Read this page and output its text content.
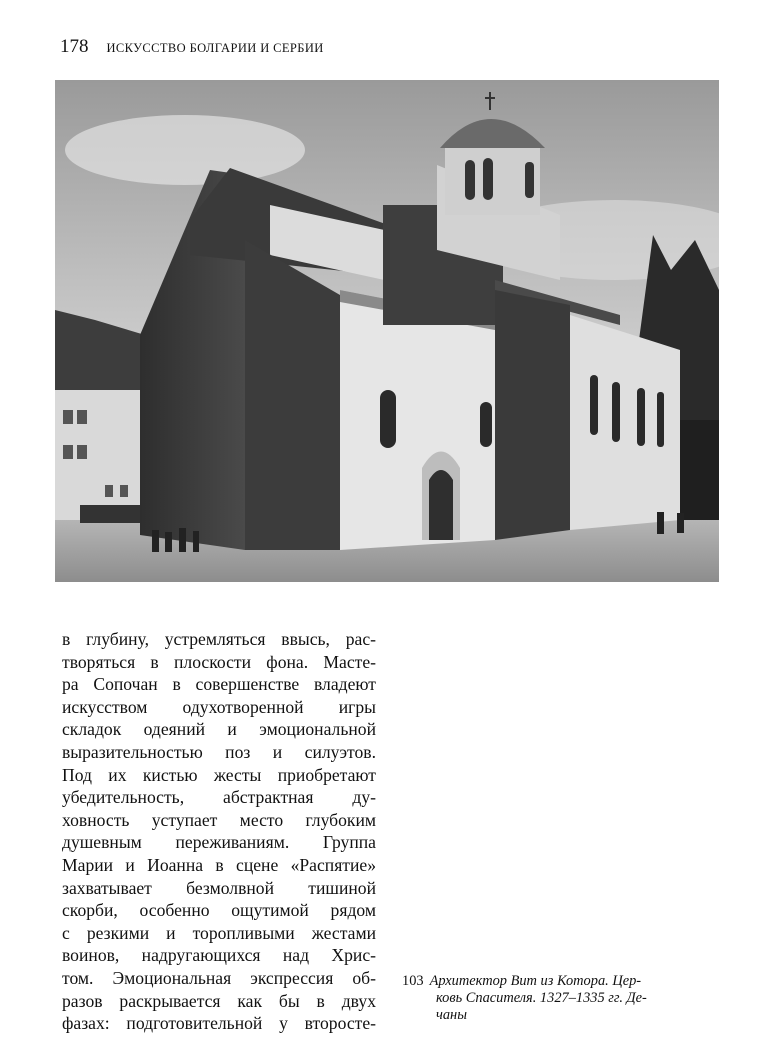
178 ИСКУССТВО БОЛГАРИИ И СЕРБИИ
в глубину, устремляться ввысь, рас-
творяться в плоскости фона. Масте-
ра Сопочан в совершенстве владеют
искусством одухотворенной игры
складок одеяний и эмоциональной
выразительностью поз и силуэтов.
Под их кистью жесты приобретают
убедительность, абстрактная ду-
ховность уступает место глубоким
душевным переживаниям. Группа
Марии и Иоанна в сцене «Распятие»
захватывает безмолвной тишиной
скорби, особенно ощутимой рядом
с резкими и торопливыми жестами
воинов, надругающихся над Хрис-
том. Эмоциональная экспрессия об-
разов раскрывается как бы в двух
фазах: подготовительной у второсте-
103 Архитектор Вит из Котора. Цер-
ковь Спасителя. 1327–1335 гг. Де-
чаны
